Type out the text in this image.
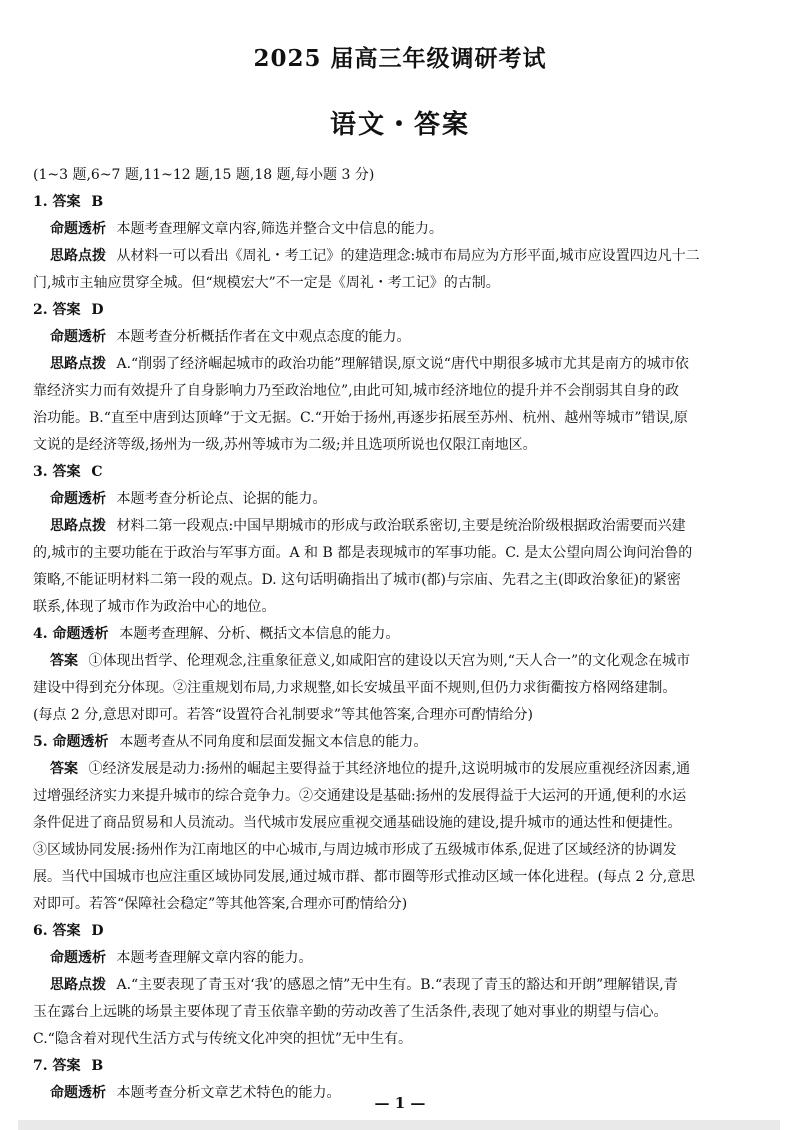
2025 届高三年级调研考试
语文・答案
(1~3 题,6~7 题,11~12 题,15 题,18 题,每小题 3 分)
1. 答案 B
命题透析 本题考查理解文章内容,筛选并整合文中信息的能力。
思路点拨 从材料一可以看出《周礼・考工记》的建造理念:城市布局应为方形平面,城市应设置四边凡十二
门,城市主轴应贯穿全城。但“规模宏大”不一定是《周礼・考工记》的古制。
2. 答案 D
命题透析 本题考查分析概括作者在文中观点态度的能力。
思路点拨 A.“削弱了经济崛起城市的政治功能”理解错误,原文说“唐代中期很多城市尤其是南方的城市依
靠经济实力而有效提升了自身影响力乃至政治地位”,由此可知,城市经济地位的提升并不会削弱其自身的政
治功能。B.“直至中唐到达顶峰”于文无据。C.“开始于扬州,再逐步拓展至苏州、杭州、越州等城市”错误,原
文说的是经济等级,扬州为一级,苏州等城市为二级;并且选项所说也仅限江南地区。
3. 答案 C
命题透析 本题考查分析论点、论据的能力。
思路点拨 材料二第一段观点:中国早期城市的形成与政治联系密切,主要是统治阶级根据政治需要而兴建
的,城市的主要功能在于政治与军事方面。A 和 B 都是表现城市的军事功能。C. 是太公望向周公询问治鲁的
策略,不能证明材料二第一段的观点。D. 这句话明确指出了城市(都)与宗庙、先君之主(即政治象征)的紧密
联系,体现了城市作为政治中心的地位。
4. 命题透析 本题考查理解、分析、概括文本信息的能力。
答案 ①体现出哲学、伦理观念,注重象征意义,如咸阳宫的建设以天宫为则,“天人合一”的文化观念在城市
建设中得到充分体现。②注重规划布局,力求规整,如长安城虽平面不规则,但仍力求街衢按方格网络建制。
(每点 2 分,意思对即可。若答“设置符合礼制要求”等其他答案,合理亦可酌情给分)
5. 命题透析 本题考查从不同角度和层面发掘文本信息的能力。
答案 ①经济发展是动力:扬州的崛起主要得益于其经济地位的提升,这说明城市的发展应重视经济因素,通
过增强经济实力来提升城市的综合竞争力。②交通建设是基础:扬州的发展得益于大运河的开通,便利的水运
条件促进了商品贸易和人员流动。当代城市发展应重视交通基础设施的建设,提升城市的通达性和便捷性。
③区域协同发展:扬州作为江南地区的中心城市,与周边城市形成了五级城市体系,促进了区域经济的协调发
展。当代中国城市也应注重区域协同发展,通过城市群、都市圈等形式推动区域一体化进程。(每点 2 分,意思
对即可。若答“保障社会稳定”等其他答案,合理亦可酌情给分)
6. 答案 D
命题透析 本题考查理解文章内容的能力。
思路点拨 A.“主要表现了青玉对‘我’的感恩之情”无中生有。B.“表现了青玉的豁达和开朗”理解错误,青
玉在露台上远眺的场景主要体现了青玉依靠辛勤的劳动改善了生活条件,表现了她对事业的期望与信心。
C.“隐含着对现代生活方式与传统文化冲突的担忧”无中生有。
7. 答案 B
命题透析 本题考查分析文章艺术特色的能力。
— 1 —
